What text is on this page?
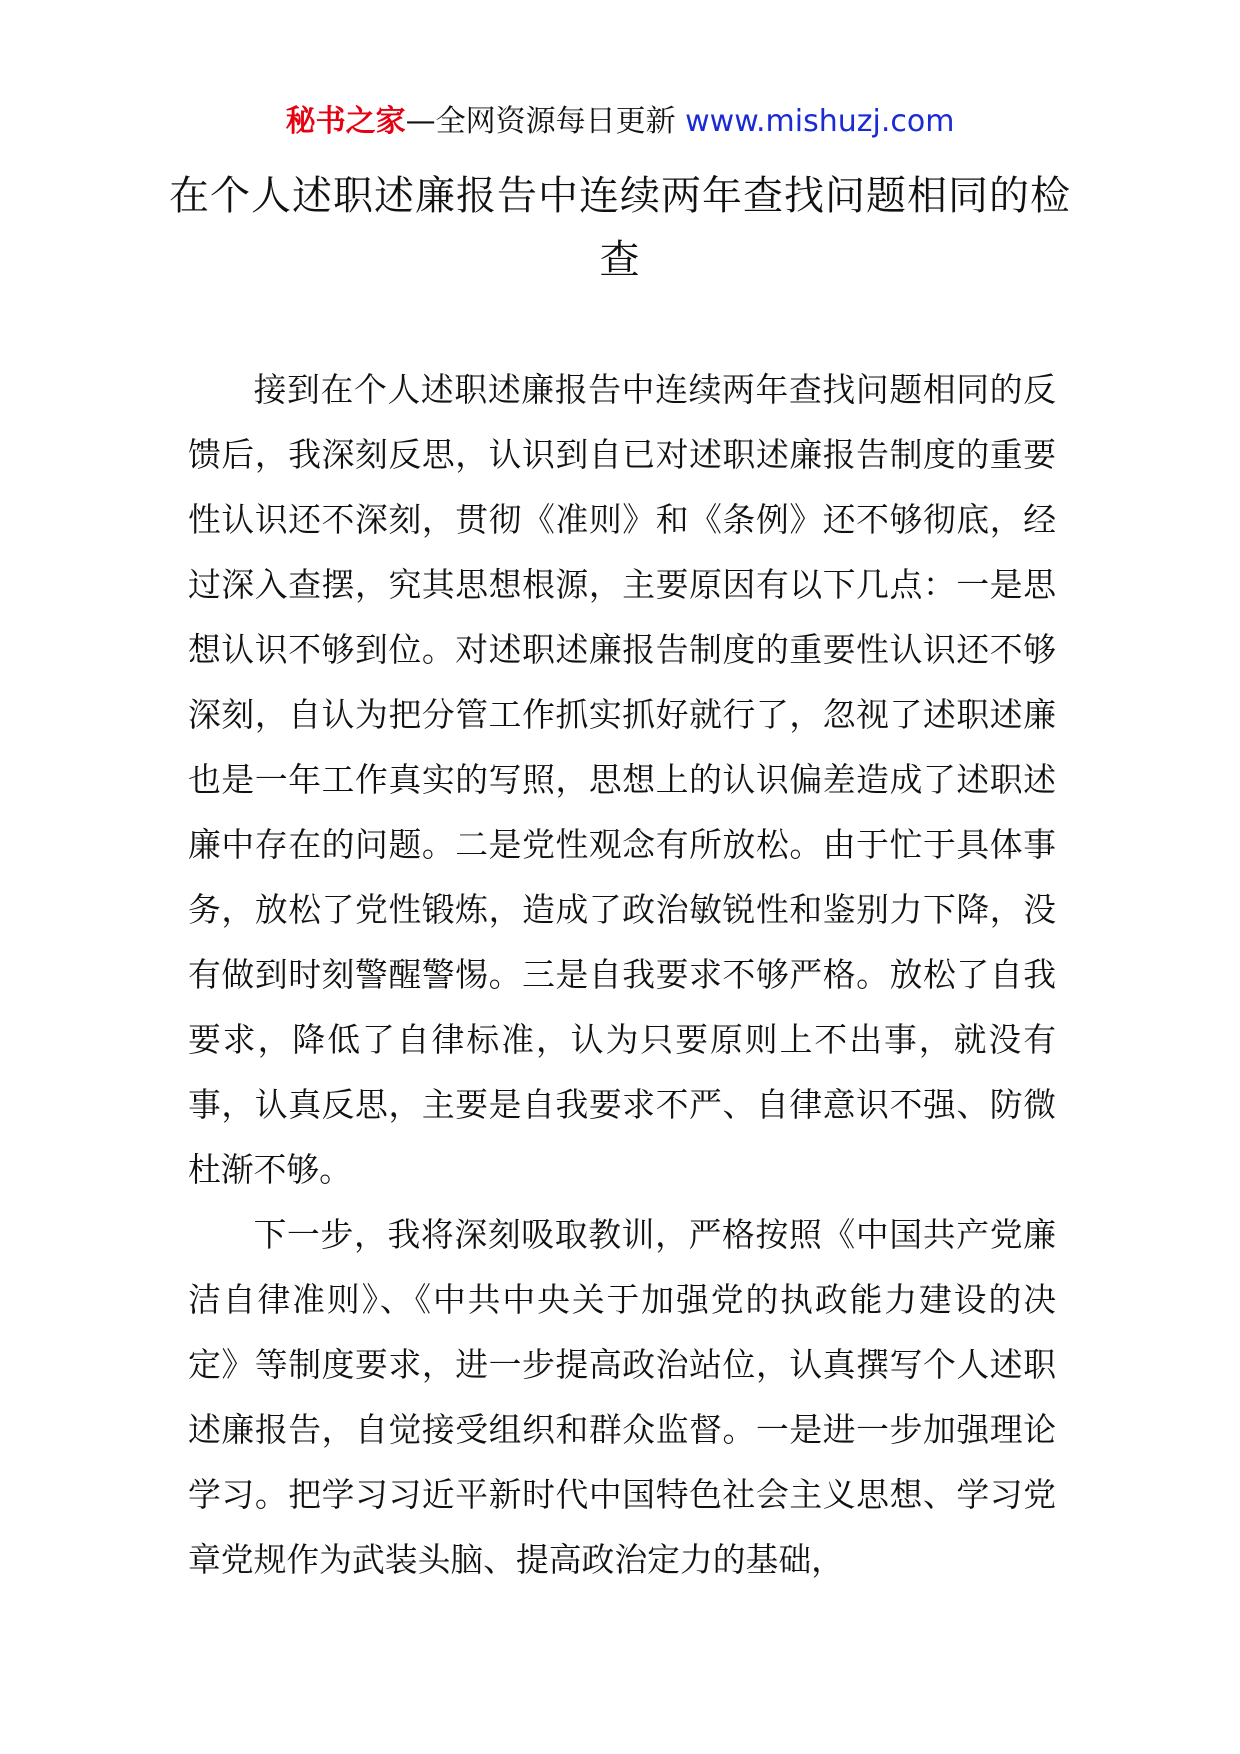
秘书之家—全网资源每日更新 www.mishuzj.com
在个人述职述廉报告中连续两年查找问题相同的检查

接到在个人述职述廉报告中连续两年查找问题相同的反馈后，我深刻反思，认识到自已对述职述廉报告制度的重要性认识还不深刻，贯彻《准则》和《条例》还不够彻底，经过深入查摆，究其思想根源，主要原因有以下几点：一是思想认识不够到位。对述职述廉报告制度的重要性认识还不够深刻，自认为把分管工作抓实抓好就行了，忽视了述职述廉也是一年工作真实的写照，思想上的认识偏差造成了述职述廉中存在的问题。二是党性观念有所放松。由于忙于具体事务，放松了党性锻炼，造成了政治敏锐性和鉴别力下降，没有做到时刻警醒警惕。三是自我要求不够严格。放松了自我要求，降低了自律标准，认为只要原则上不出事，就没有事，认真反思，主要是自我要求不严、自律意识不强、防微杜渐不够。

下一步，我将深刻吸取教训，严格按照《中国共产党廉洁自律准则》、《中共中央关于加强党的执政能力建设的决定》等制度要求，进一步提高政治站位，认真撰写个人述职述廉报告，自觉接受组织和群众监督。一是进一步加强理论学习。把学习习近平新时代中国特色社会主义思想、学习党章党规作为武装头脑、提高政治定力的基础，
